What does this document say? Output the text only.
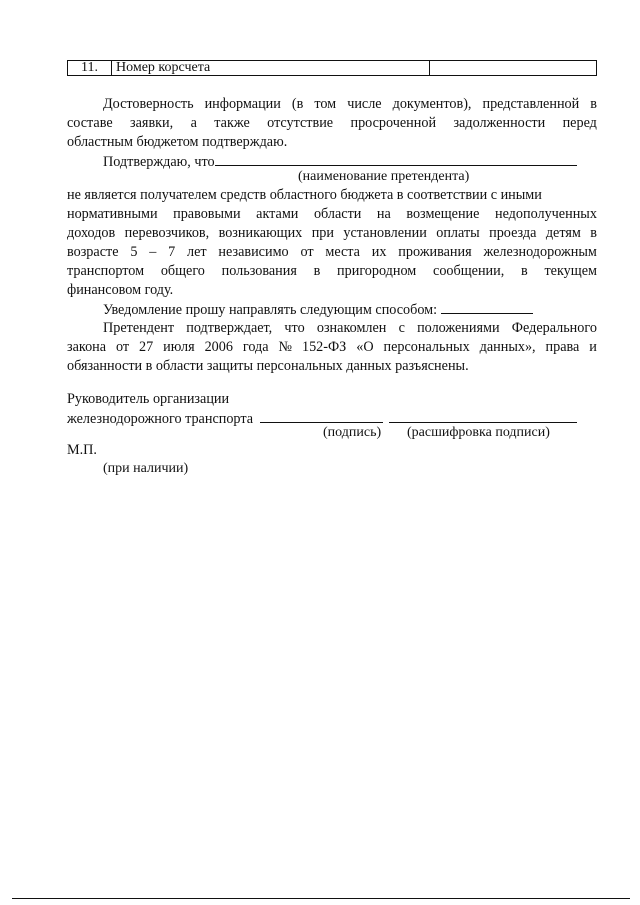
11.	Номер корсчета
Достоверность информации (в том числе документов), представленной в
составе заявки, а также отсутствие просроченной задолженности перед
областным бюджетом подтверждаю.
Подтверждаю, что
(наименование претендента)
не является получателем средств областного бюджета в соответствии с иными
нормативными правовыми актами области на возмещение недополученных
доходов перевозчиков, возникающих при установлении оплаты проезда детям в
возрасте 5 – 7 лет независимо от места их проживания железнодорожным
транспортом общего пользования в пригородном сообщении, в текущем
финансовом году.
Уведомление прошу направлять следующим способом:
Претендент подтверждает, что ознакомлен с положениями Федерального
закона от 27 июля 2006 года № 152-ФЗ «О персональных данных», права и
обязанности в области защиты персональных данных разъяснены.
Руководитель организации
железнодорожного транспорта
(подпись) (расшифровка подписи)
М.П.
(при наличии)
